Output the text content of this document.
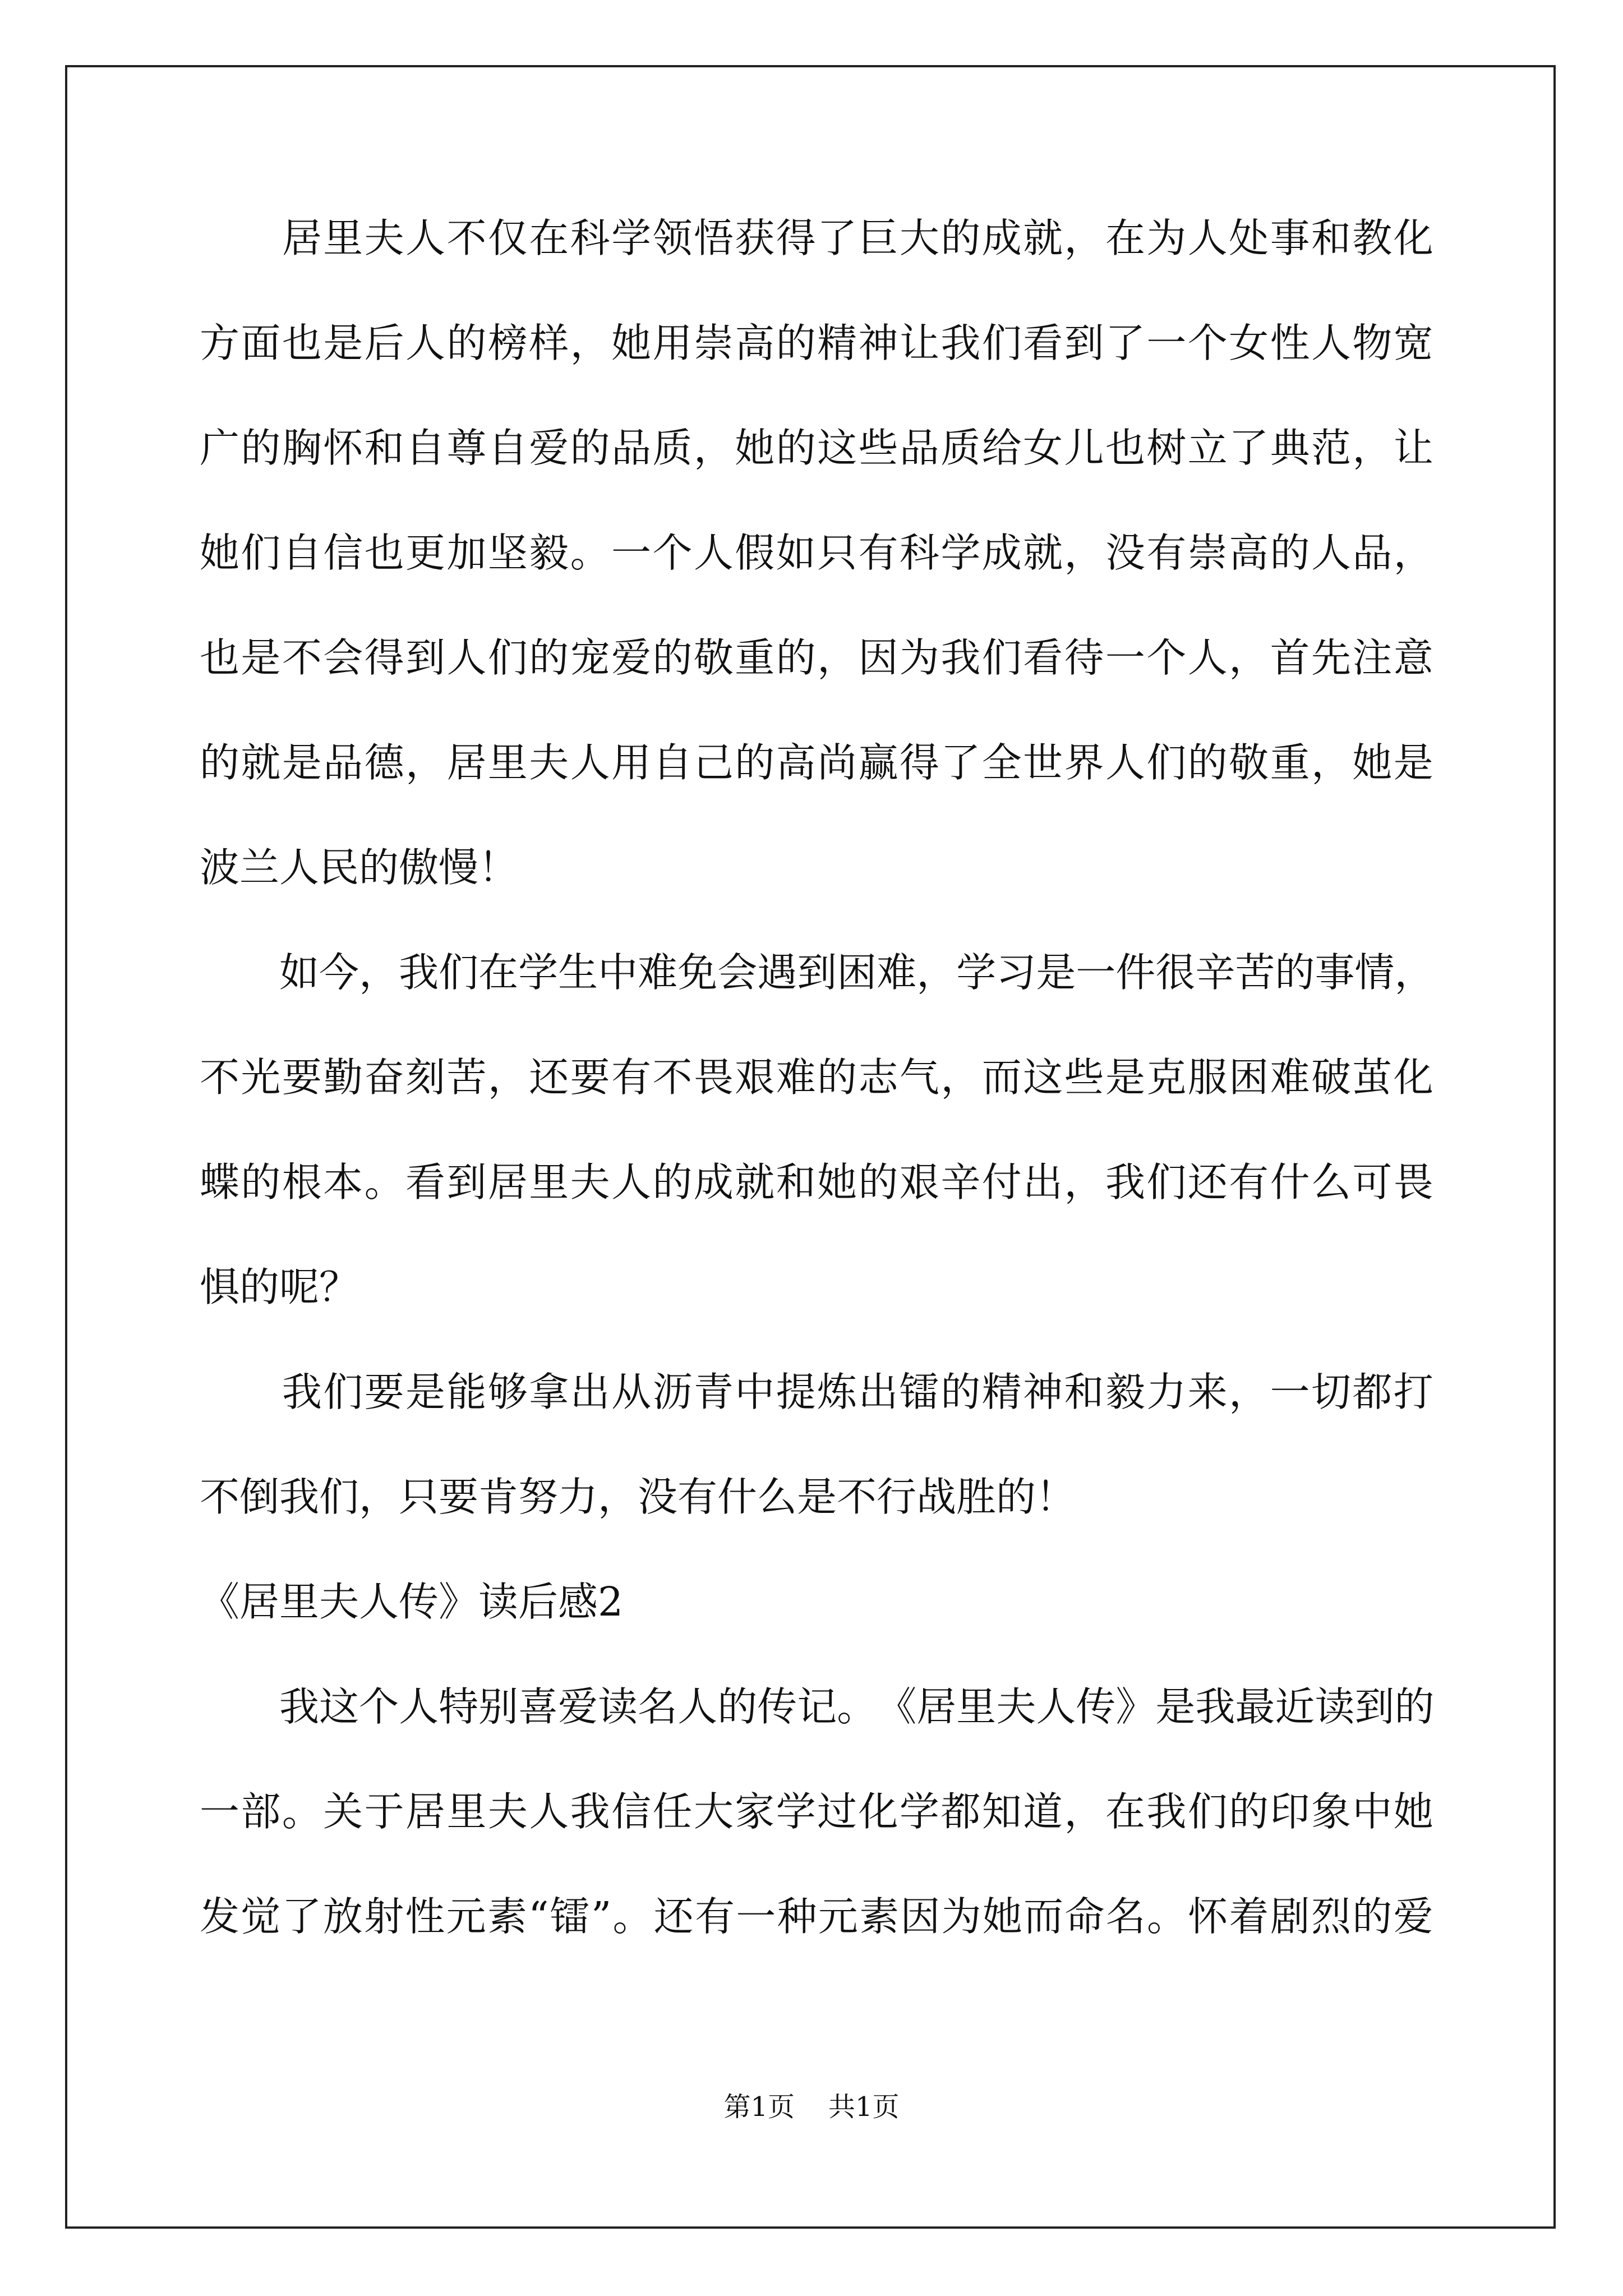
居 里 夫 人 不 仅 在 科 学 领 悟 获 得 了 巨 大 的 成 就 ， 在 为 人 处 事 和 教 化
方 面 也 是 后 人 的 榜 样 ， 她 用 崇 高 的 精 神 让 我 们 看 到 了 一 个 女 性 人 物 宽
广 的 胸 怀 和 自 尊 自 爱 的 品 质 ， 她 的 这 些 品 质 给 女 儿 也 树 立 了 典 范 ， 让
她 们 自 信 也 更 加 坚 毅 。 一 个 人 假 如 只 有 科 学 成 就 ， 没 有 崇 高 的 人 品 ，
也 是 不 会 得 到 人 们 的 宠 爱 的 敬 重 的 ， 因 为 我 们 看 待 一 个 人 ， 首 先 注 意
的 就 是 品 德 ， 居 里 夫 人 用 自 己 的 高 尚 赢 得 了 全 世 界 人 们 的 敬 重 ， 她 是
波兰人民的傲慢！

如 今 ， 我 们 在 学 生 中 难 免 会 遇 到 困 难 ， 学 习 是 一 件 很 辛 苦 的 事 情 ，
不 光 要 勤 奋 刻 苦 ， 还 要 有 不 畏 艰 难 的 志 气 ， 而 这 些 是 克 服 困 难 破 茧 化
蝶 的 根 本 。 看 到 居 里 夫 人 的 成 就 和 她 的 艰 辛 付 出 ， 我 们 还 有 什 么 可 畏
惧的呢？

我 们 要 是 能 够 拿 出 从 沥 青 中 提 炼 出 镭 的 精 神 和 毅 力 来 ， 一 切 都 打
不倒我们，只要肯努力，没有什么是不行战胜的！
《居里夫人传》读后感2

我 这 个 人 特 别 喜 爱 读 名 人 的 传 记 。 《 居 里 夫 人 传 》 是 我 最 近 读 到 的
一 部 。 关 于 居 里 夫 人 我 信 任 大 家 学 过 化 学 都 知 道 ， 在 我 们 的 印 象 中 她
发 觉 了 放 射 性 元 素 “ 镭 ” 。 还 有 一 种 元 素 因 为 她 而 命 名 。 怀 着 剧 烈 的 爱
第1页 共1页
